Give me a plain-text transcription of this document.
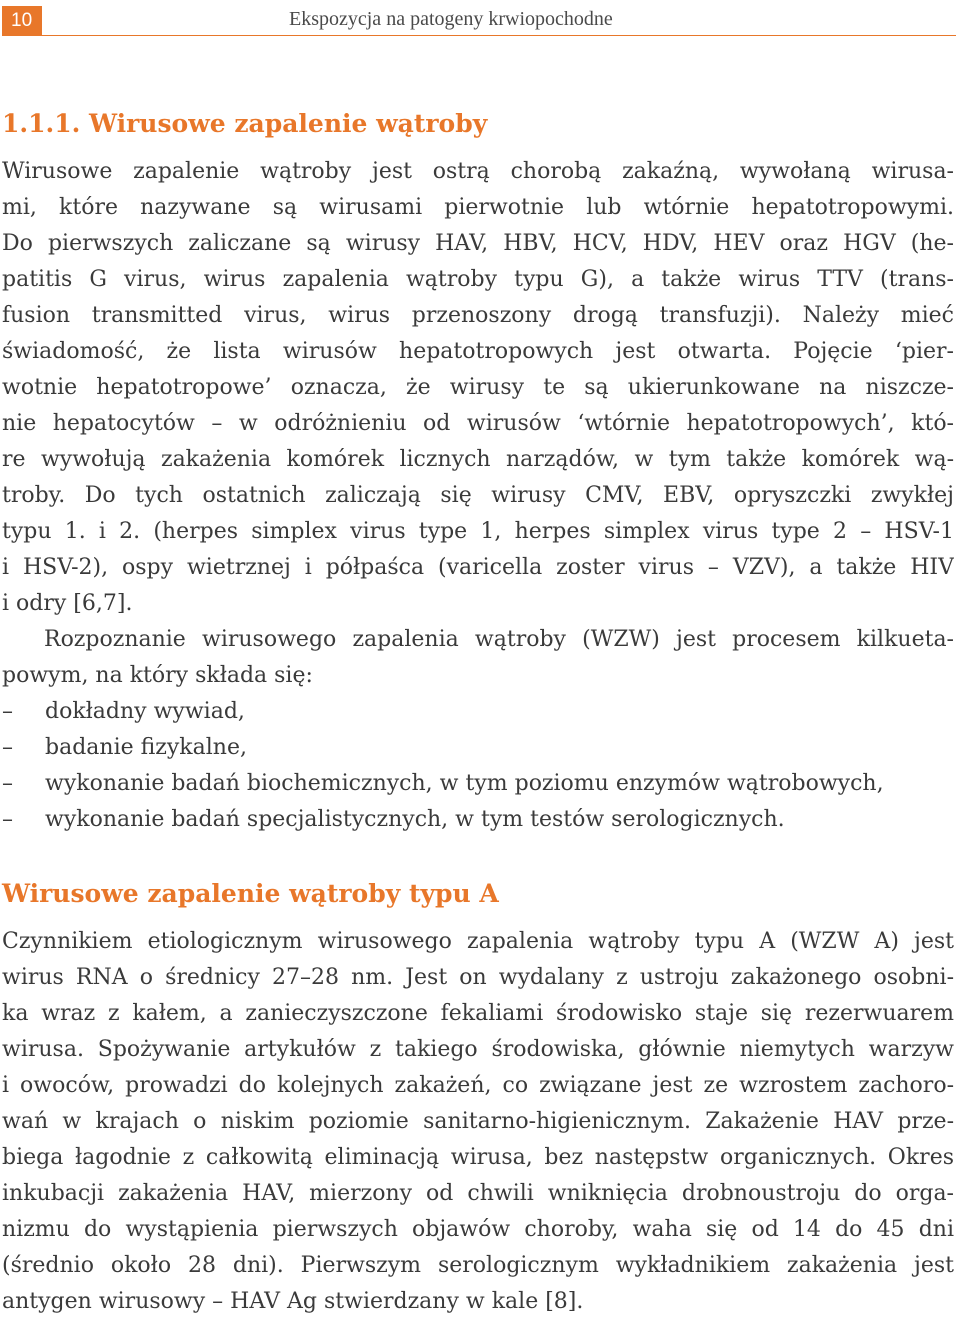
10	Ekspozycja na patogeny krwiopochodne
1.1.1. Wirusowe zapalenie wątroby
Wirusowe zapalenie wątroby jest ostrą chorobą zakaźną, wywołaną wirusa-
mi, które nazywane są wirusami pierwotnie lub wtórnie hepatotropowymi.
Do pierwszych zaliczane są wirusy HAV, HBV, HCV, HDV, HEV oraz HGV (he-
patitis G virus, wirus zapalenia wątroby typu G), a także wirus TTV (trans-
fusion transmitted virus, wirus przenoszony drogą transfuzji). Należy mieć
świadomość, że lista wirusów hepatotropowych jest otwarta. Pojęcie ‘pier-
wotnie hepatotropowe’ oznacza, że wirusy te są ukierunkowane na niszcze-
nie hepatocytów – w odróżnieniu od wirusów ‘wtórnie hepatotropowych’, któ-
re wywołują zakażenia komórek licznych narządów, w tym także komórek wą-
troby. Do tych ostatnich zaliczają się wirusy CMV, EBV, opryszczki zwykłej
typu 1. i 2. (herpes simplex virus type 1, herpes simplex virus type 2 – HSV-1
i HSV-2), ospy wietrznej i półpaśca (varicella zoster virus – VZV), a także HIV
i odry [6,7].
Rozpoznanie wirusowego zapalenia wątroby (WZW) jest procesem kilkueta-
powym, na który składa się:
– dokładny wywiad,
– badanie fizykalne,
– wykonanie badań biochemicznych, w tym poziomu enzymów wątrobowych,
– wykonanie badań specjalistycznych, w tym testów serologicznych.
Wirusowe zapalenie wątroby typu A
Czynnikiem etiologicznym wirusowego zapalenia wątroby typu A (WZW A) jest
wirus RNA o średnicy 27–28 nm. Jest on wydalany z ustroju zakażonego osobni-
ka wraz z kałem, a zanieczyszczone fekaliami środowisko staje się rezerwuarem
wirusa. Spożywanie artykułów z takiego środowiska, głównie niemytych warzyw
i owoców, prowadzi do kolejnych zakażeń, co związane jest ze wzrostem zachoro-
wań w krajach o niskim poziomie sanitarno-higienicznym. Zakażenie HAV prze-
biega łagodnie z całkowitą eliminacją wirusa, bez następstw organicznych. Okres
inkubacji zakażenia HAV, mierzony od chwili wniknięcia drobnoustroju do orga-
nizmu do wystąpienia pierwszych objawów choroby, waha się od 14 do 45 dni
(średnio około 28 dni). Pierwszym serologicznym wykładnikiem zakażenia jest
antygen wirusowy – HAV Ag stwierdzany w kale [8].
